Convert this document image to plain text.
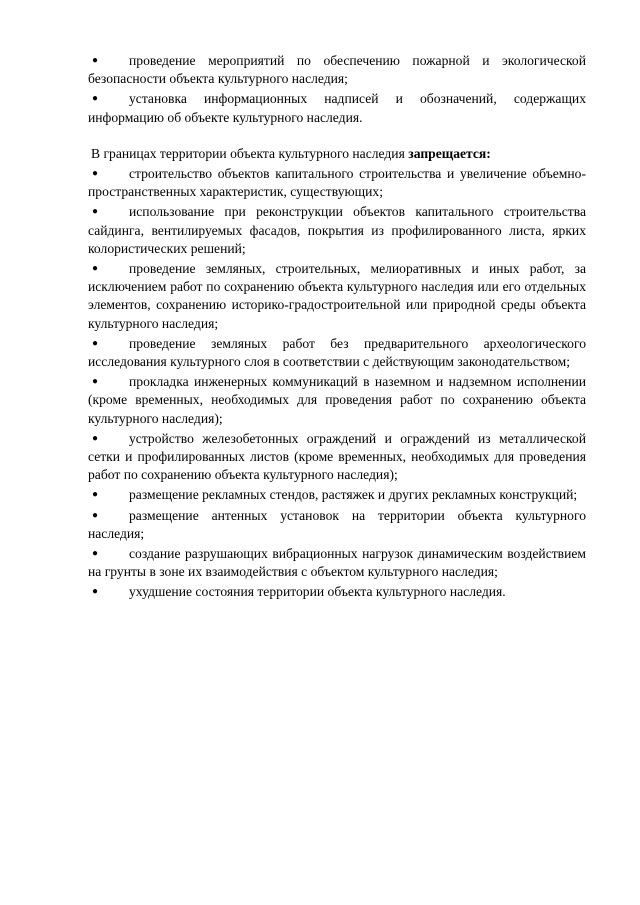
●	проведение мероприятий по обеспечению пожарной и экологической безопасности объекта культурного наследия;
●	установка информационных надписей и обозначений, содержащих информацию об объекте культурного наследия.
В границах территории объекта культурного наследия запрещается:
●	строительство объектов капитального строительства и увеличение объемно-пространственных характеристик, существующих;
●	использование при реконструкции объектов капитального строительства сайдинга, вентилируемых фасадов, покрытия из профилированного листа, ярких колористических решений;
●	проведение земляных, строительных, мелиоративных и иных работ, за исключением работ по сохранению объекта культурного наследия или его отдельных элементов, сохранению историко-градостроительной или природной среды объекта культурного наследия;
●	проведение земляных работ без предварительного археологического исследования культурного слоя в соответствии с действующим законодательством;
●	прокладка инженерных коммуникаций в наземном и надземном исполнении (кроме временных, необходимых для проведения работ по сохранению объекта культурного наследия);
●	устройство железобетонных ограждений и ограждений из металлической сетки и профилированных листов (кроме временных, необходимых для проведения работ по сохранению объекта культурного наследия);
●	размещение рекламных стендов, растяжек и других рекламных конструкций;
●	размещение антенных установок на территории объекта культурного наследия;
●	создание разрушающих вибрационных нагрузок динамическим воздействием на грунты в зоне их взаимодействия с объектом культурного наследия;
●	ухудшение состояния территории объекта культурного наследия.
